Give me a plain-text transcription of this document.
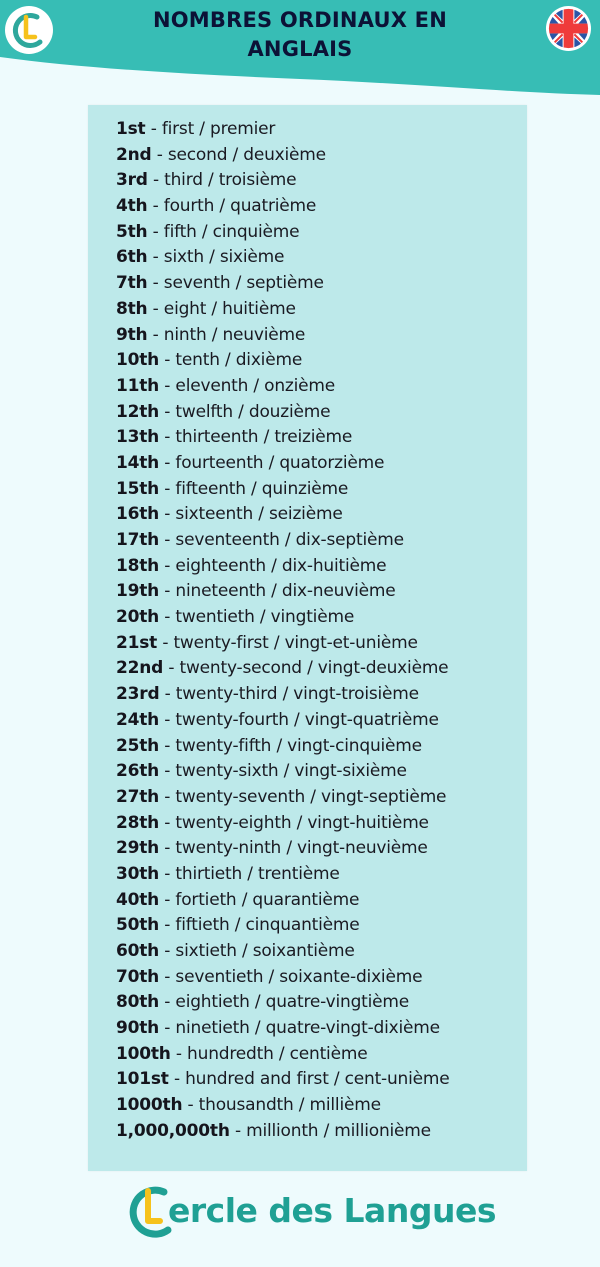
NOMBRES ORDINAUX EN ANGLAIS
1st - first / premier
2nd - second / deuxième
3rd - third / troisième
4th - fourth / quatrième
5th - fifth / cinquième
6th - sixth / sixième
7th - seventh / septième
8th - eight / huitième
9th - ninth / neuvième
10th - tenth / dixième
11th - eleventh / onzième
12th - twelfth / douzième
13th - thirteenth / treizième
14th - fourteenth / quatorzième
15th - fifteenth / quinzième
16th - sixteenth / seizième
17th - seventeenth / dix-septième
18th - eighteenth / dix-huitième
19th - nineteenth / dix-neuvième
20th - twentieth / vingtième
21st - twenty-first / vingt-et-unième
22nd - twenty-second / vingt-deuxième
23rd - twenty-third / vingt-troisième
24th - twenty-fourth / vingt-quatrième
25th - twenty-fifth / vingt-cinquième
26th - twenty-sixth / vingt-sixième
27th - twenty-seventh / vingt-septième
28th - twenty-eighth / vingt-huitième
29th - twenty-ninth / vingt-neuvième
30th - thirtieth / trentième
40th - fortieth / quarantième
50th - fiftieth / cinquantième
60th - sixtieth / soixantième
70th - seventieth / soixante-dixième
80th - eightieth / quatre-vingtième
90th - ninetieth / quatre-vingt-dixième
100th - hundredth / centième
101st - hundred and first / cent-unième
1000th - thousandth / millième
1,000,000th - millionth / millionième
ercle des Langues
